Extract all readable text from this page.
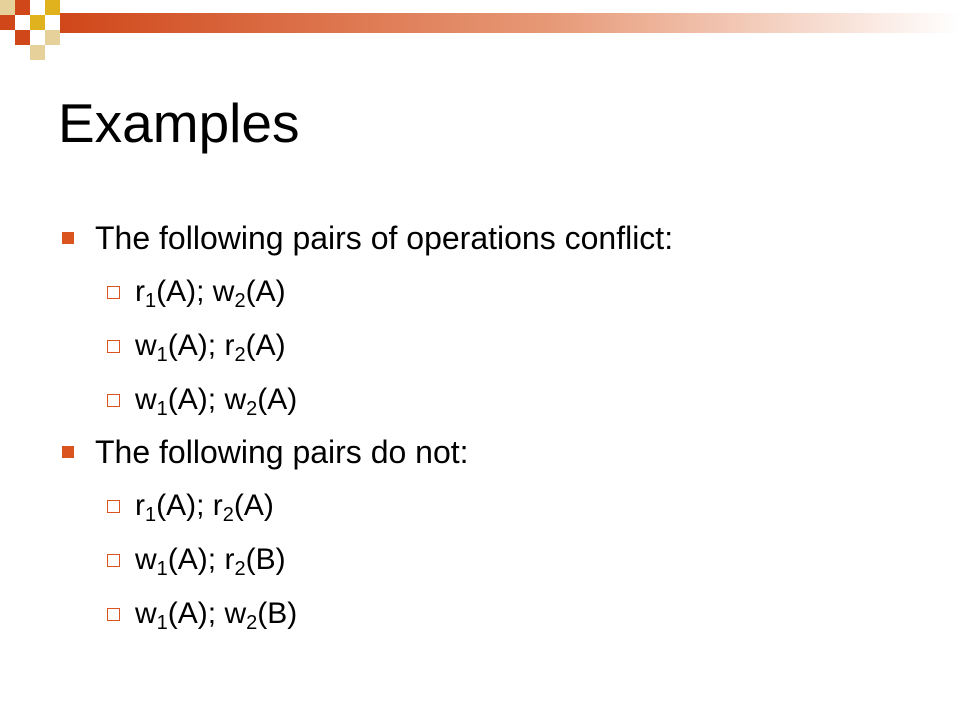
Examples
The following pairs of operations conflict:
$r_1(A)$; $w_2(A)$
$w_1(A)$; $r_2(A)$
$w_1(A)$; $w_2(A)$
The following pairs do not:
$r_1(A)$; $r_2(A)$
$w_1(A)$; $r_2(B)$
$w_1(A)$; $w_2(B)$
